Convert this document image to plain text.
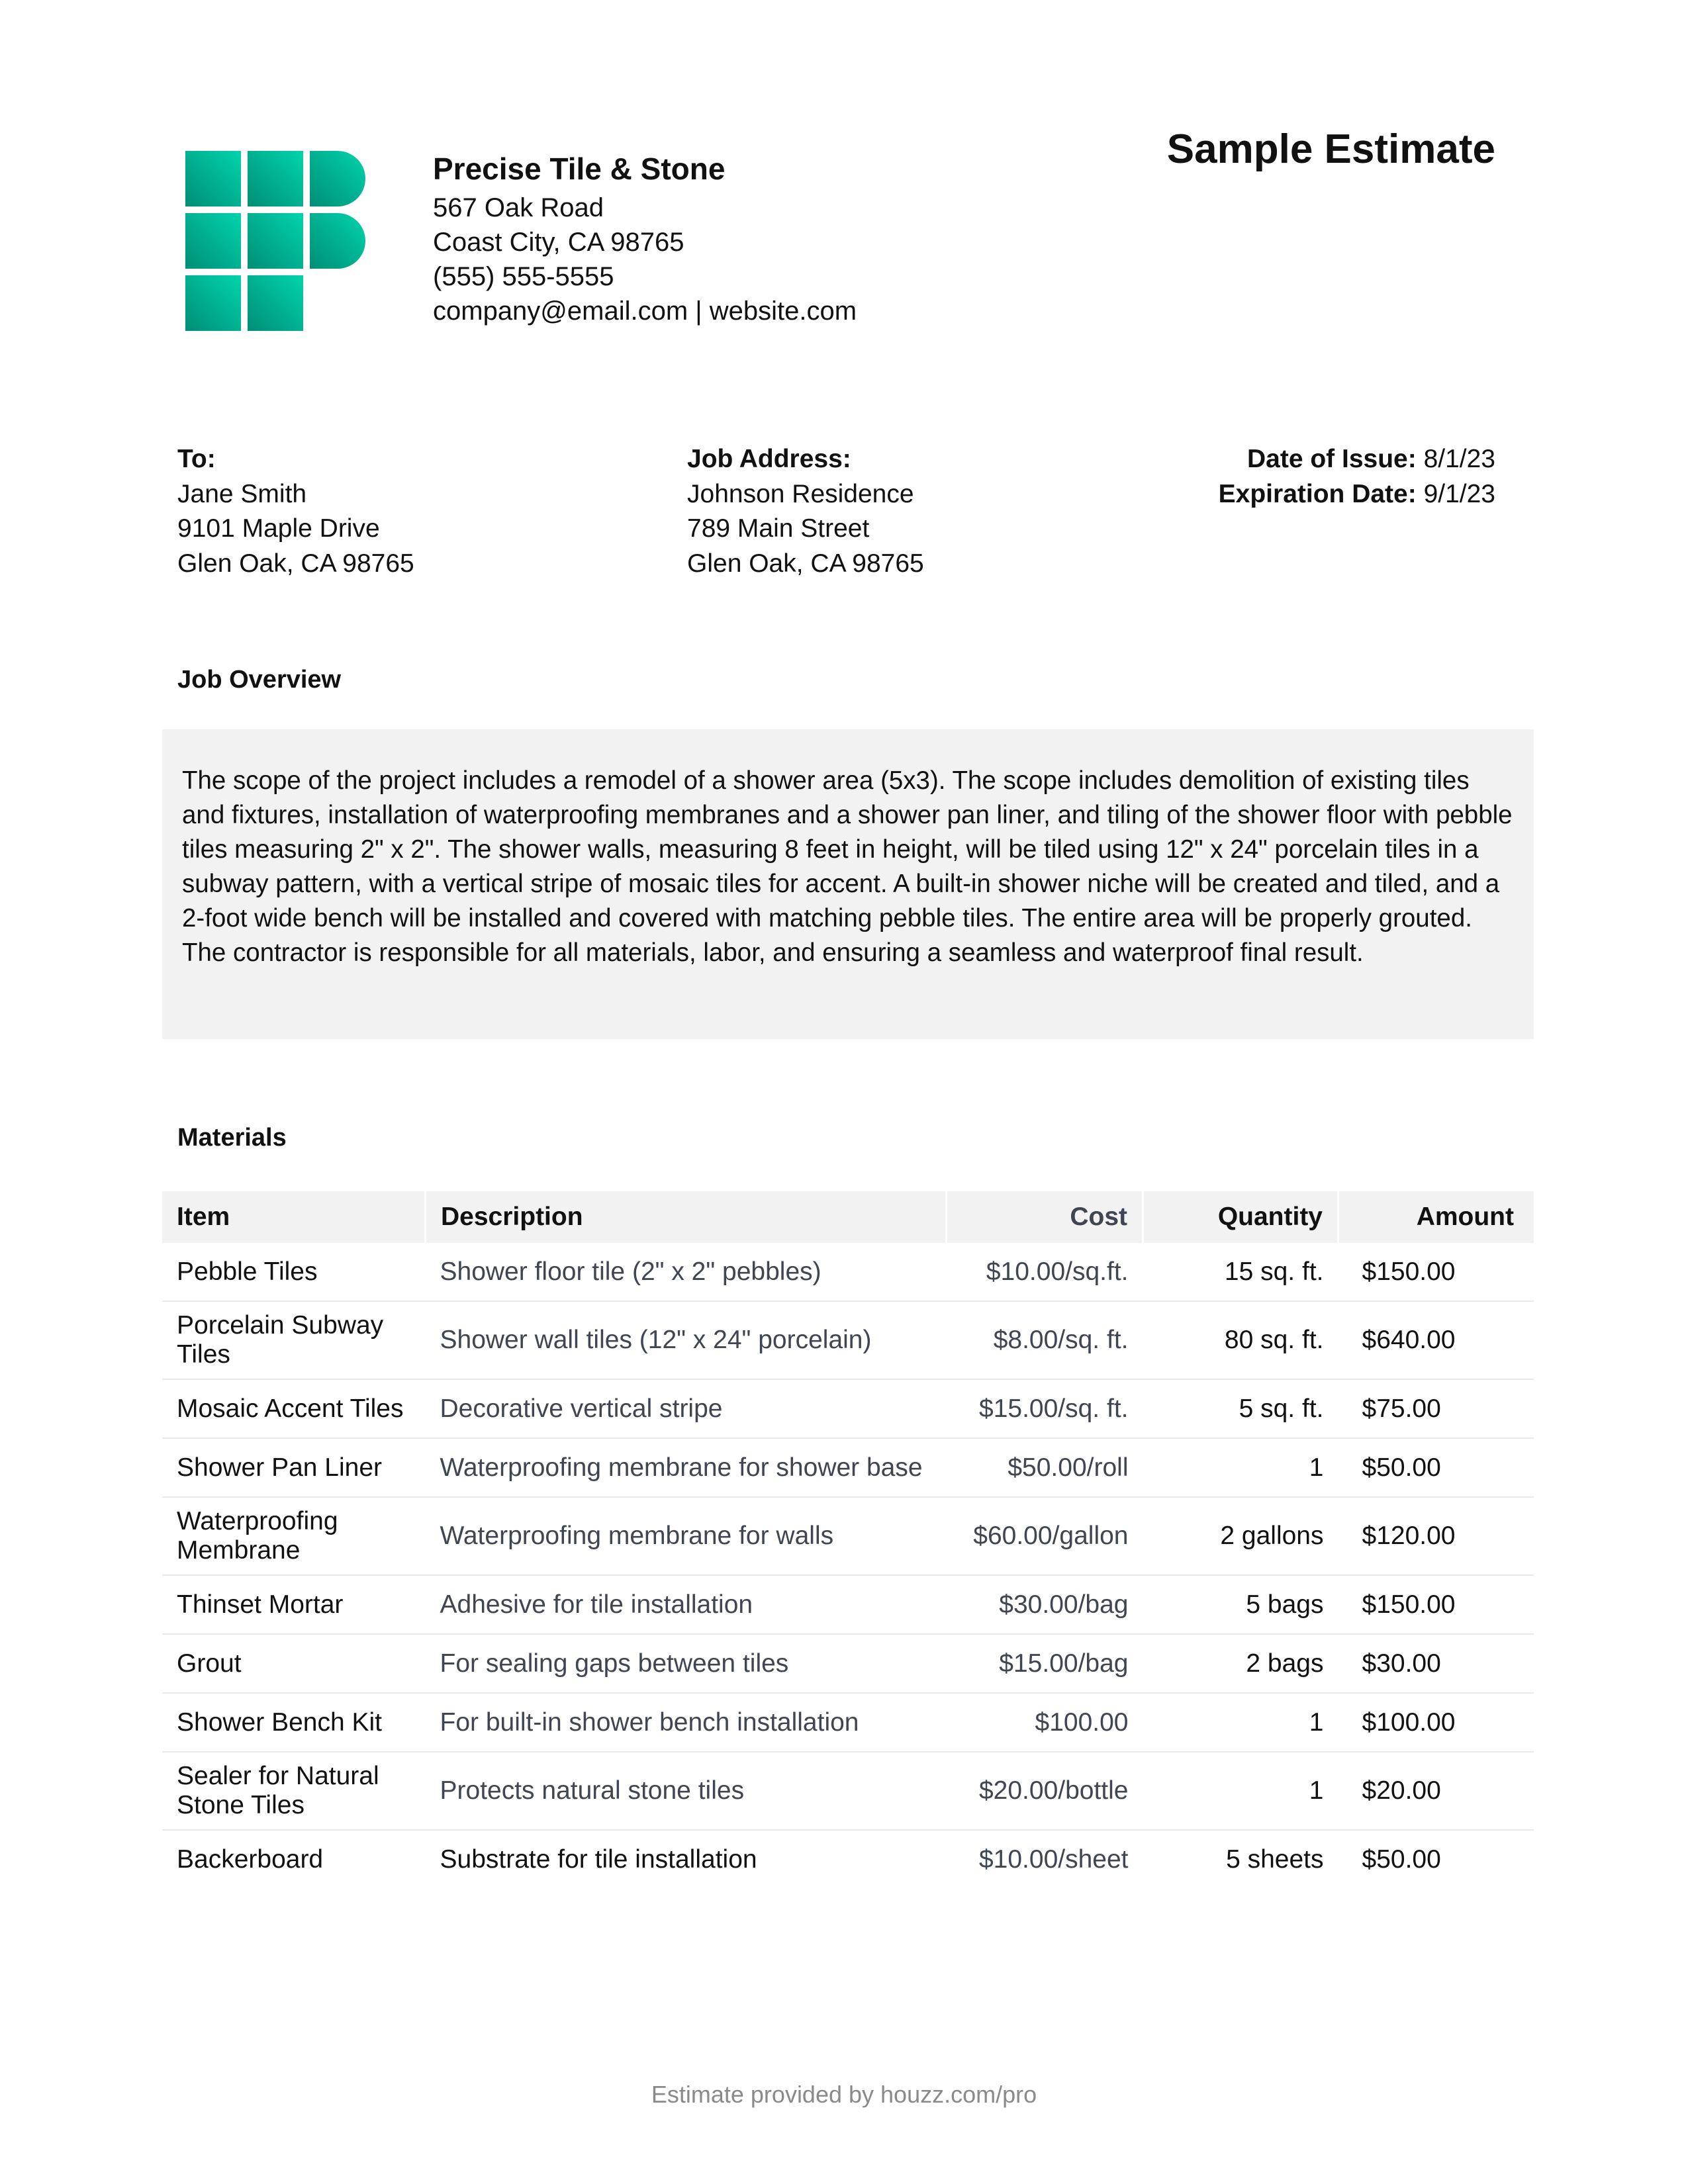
Precise Tile & Stone
567 Oak Road
Coast City, CA 98765
(555) 555-5555
company@email.com | website.com
Sample Estimate
To:
Jane Smith
9101 Maple Drive
Glen Oak, CA 98765
Job Address:
Johnson Residence
789 Main Street
Glen Oak, CA 98765
Date of Issue: 8/1/23
Expiration Date: 9/1/23
Job Overview
The scope of the project includes a remodel of a shower area (5x3). The scope includes demolition of existing tiles and fixtures, installation of waterproofing membranes and a shower pan liner, and tiling of the shower floor with pebble tiles measuring 2" x 2". The shower walls, measuring 8 feet in height, will be tiled using 12" x 24" porcelain tiles in a subway pattern, with a vertical stripe of mosaic tiles for accent. A built-in shower niche will be created and tiled, and a 2-foot wide bench will be installed and covered with matching pebble tiles. The entire area will be properly grouted. The contractor is responsible for all materials, labor, and ensuring a seamless and waterproof final result.
Materials
Item	Description	Cost	Quantity	Amount
Pebble Tiles	Shower floor tile (2" x 2" pebbles)	$10.00/sq.ft.	15 sq. ft.	$150.00
Porcelain Subway Tiles	Shower wall tiles (12" x 24" porcelain)	$8.00/sq. ft.	80 sq. ft.	$640.00
Mosaic Accent Tiles	Decorative vertical stripe	$15.00/sq. ft.	5 sq. ft.	$75.00
Shower Pan Liner	Waterproofing membrane for shower base	$50.00/roll	1	$50.00
Waterproofing Membrane	Waterproofing membrane for walls	$60.00/gallon	2 gallons	$120.00
Thinset Mortar	Adhesive for tile installation	$30.00/bag	5 bags	$150.00
Grout	For sealing gaps between tiles	$15.00/bag	2 bags	$30.00
Shower Bench Kit	For built-in shower bench installation	$100.00	1	$100.00
Sealer for Natural Stone Tiles	Protects natural stone tiles	$20.00/bottle	1	$20.00
Backerboard	Substrate for tile installation	$10.00/sheet	5 sheets	$50.00
Estimate provided by houzz.com/pro
